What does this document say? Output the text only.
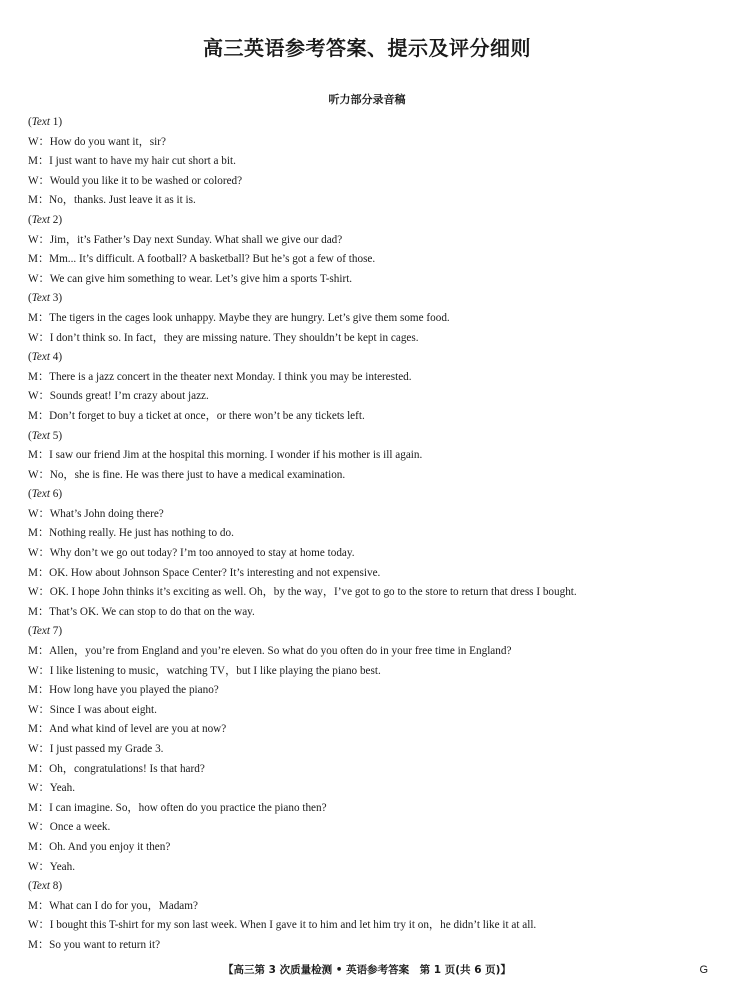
高三英语参考答案、提示及评分细则
听力部分录音稿
(Text 1)
W：How do you want it，sir?
M：I just want to have my hair cut short a bit.
W：Would you like it to be washed or colored?
M：No，thanks. Just leave it as it is.
(Text 2)
W：Jim，it’s Father’s Day next Sunday. What shall we give our dad?
M：Mm... It’s difficult. A football? A basketball? But he’s got a few of those.
W：We can give him something to wear. Let’s give him a sports T-shirt.
(Text 3)
M：The tigers in the cages look unhappy. Maybe they are hungry. Let’s give them some food.
W：I don’t think so. In fact，they are missing nature. They shouldn’t be kept in cages.
(Text 4)
M：There is a jazz concert in the theater next Monday. I think you may be interested.
W：Sounds great! I’m crazy about jazz.
M：Don’t forget to buy a ticket at once，or there won’t be any tickets left.
(Text 5)
M：I saw our friend Jim at the hospital this morning. I wonder if his mother is ill again.
W：No，she is fine. He was there just to have a medical examination.
(Text 6)
W：What’s John doing there?
M：Nothing really. He just has nothing to do.
W：Why don’t we go out today? I’m too annoyed to stay at home today.
M：OK. How about Johnson Space Center? It’s interesting and not expensive.
W：OK. I hope John thinks it’s exciting as well. Oh，by the way，I’ve got to go to the store to return that dress I bought.
M：That’s OK. We can stop to do that on the way.
(Text 7)
M：Allen，you’re from England and you’re eleven. So what do you often do in your free time in England?
W：I like listening to music，watching TV，but I like playing the piano best.
M：How long have you played the piano?
W：Since I was about eight.
M：And what kind of level are you at now?
W：I just passed my Grade 3.
M：Oh，congratulations! Is that hard?
W：Yeah.
M：I can imagine. So，how often do you practice the piano then?
W：Once a week.
M：Oh. And you enjoy it then?
W：Yeah.
(Text 8)
M：What can I do for you，Madam?
W：I bought this T-shirt for my son last week. When I gave it to him and let him try it on，he didn’t like it at all.
M：So you want to return it?
【高三第 3 次质量检测 • 英语参考答案　第 1 页(共 6 页)】	G
